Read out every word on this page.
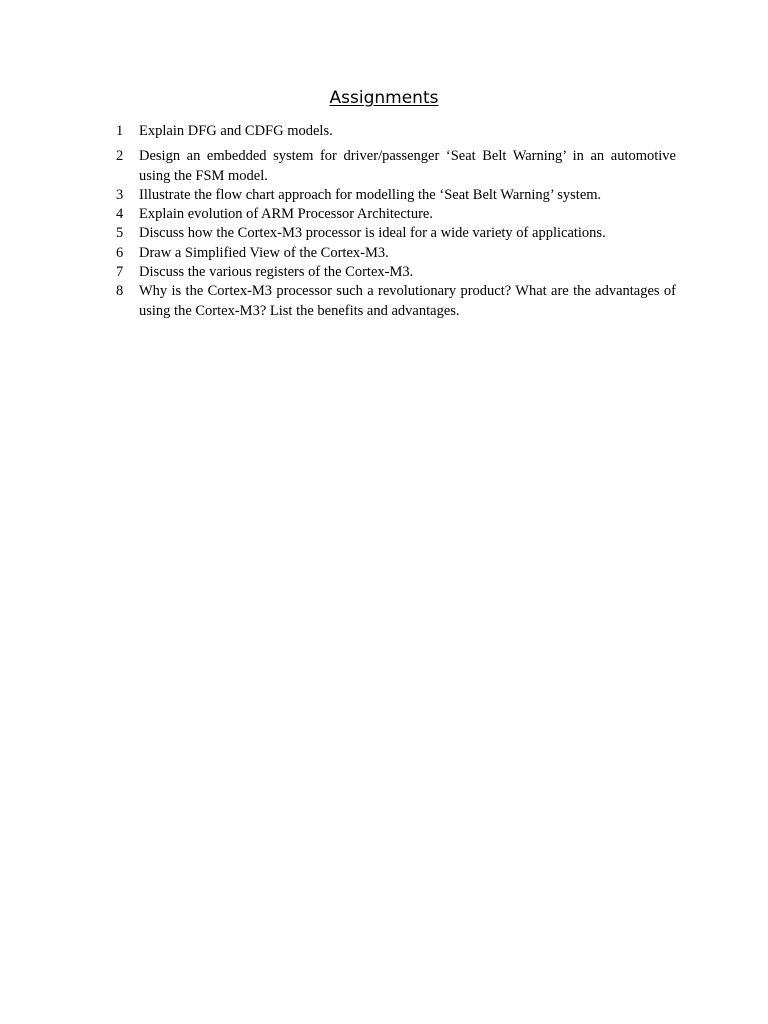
Assignments
1	Explain DFG and CDFG models.
2	Design an embedded system for driver/passenger ‘Seat Belt Warning’ in an automotive using the FSM model.
3	Illustrate the flow chart approach for modelling the ‘Seat Belt Warning’ system.
4	Explain evolution of ARM Processor Architecture.
5	Discuss how the Cortex-M3 processor is ideal for a wide variety of applications.
6	Draw a Simplified View of the Cortex-M3.
7	Discuss the various registers of the Cortex-M3.
8	Why is the Cortex-M3 processor such a revolutionary product? What are the advantages of using the Cortex-M3? List the benefits and advantages.
